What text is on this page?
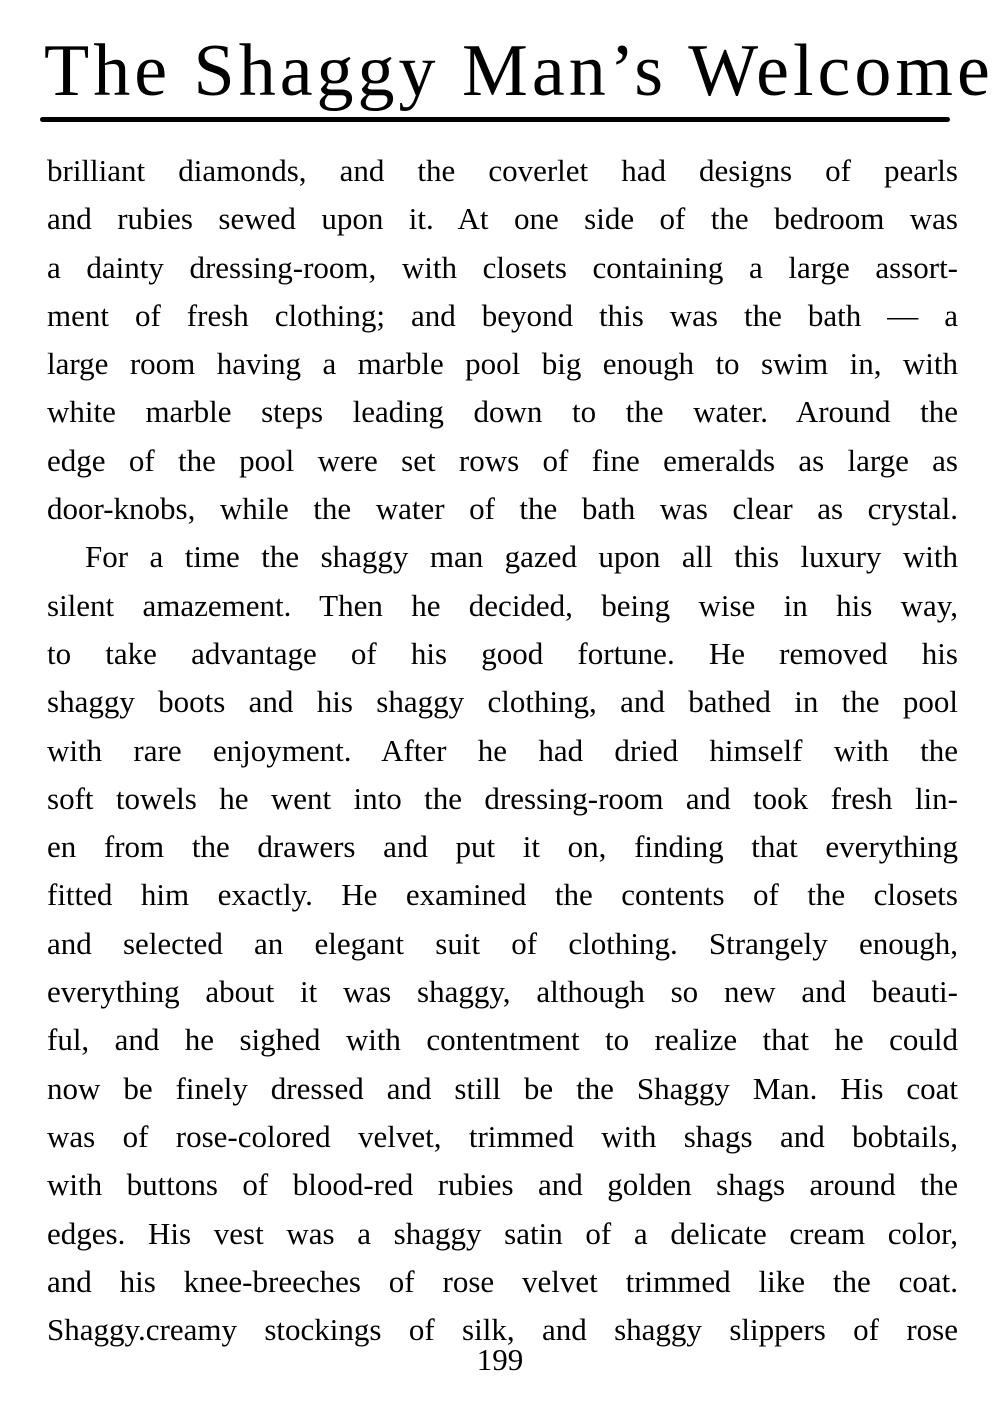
The Shaggy Man’s Welcome
brilliant diamonds, and the coverlet had designs of pearls
and rubies sewed upon it. At one side of the bedroom was
a dainty dressing-room, with closets containing a large assort-
ment of fresh clothing; and beyond this was the bath — a
large room having a marble pool big enough to swim in, with
white marble steps leading down to the water. Around the
edge of the pool were set rows of fine emeralds as large as
door-knobs, while the water of the bath was clear as crystal.
For a time the shaggy man gazed upon all this luxury with
silent amazement. Then he decided, being wise in his way,
to take advantage of his good fortune. He removed his
shaggy boots and his shaggy clothing, and bathed in the pool
with rare enjoyment. After he had dried himself with the
soft towels he went into the dressing-room and took fresh lin-
en from the drawers and put it on, finding that everything
fitted him exactly. He examined the contents of the closets
and selected an elegant suit of clothing. Strangely enough,
everything about it was shaggy, although so new and beauti-
ful, and he sighed with contentment to realize that he could
now be finely dressed and still be the Shaggy Man. His coat
was of rose-colored velvet, trimmed with shags and bobtails,
with buttons of blood-red rubies and golden shags around the
edges. His vest was a shaggy satin of a delicate cream color,
and his knee-breeches of rose velvet trimmed like the coat.
Shaggy.creamy stockings of silk, and shaggy slippers of rose
199
